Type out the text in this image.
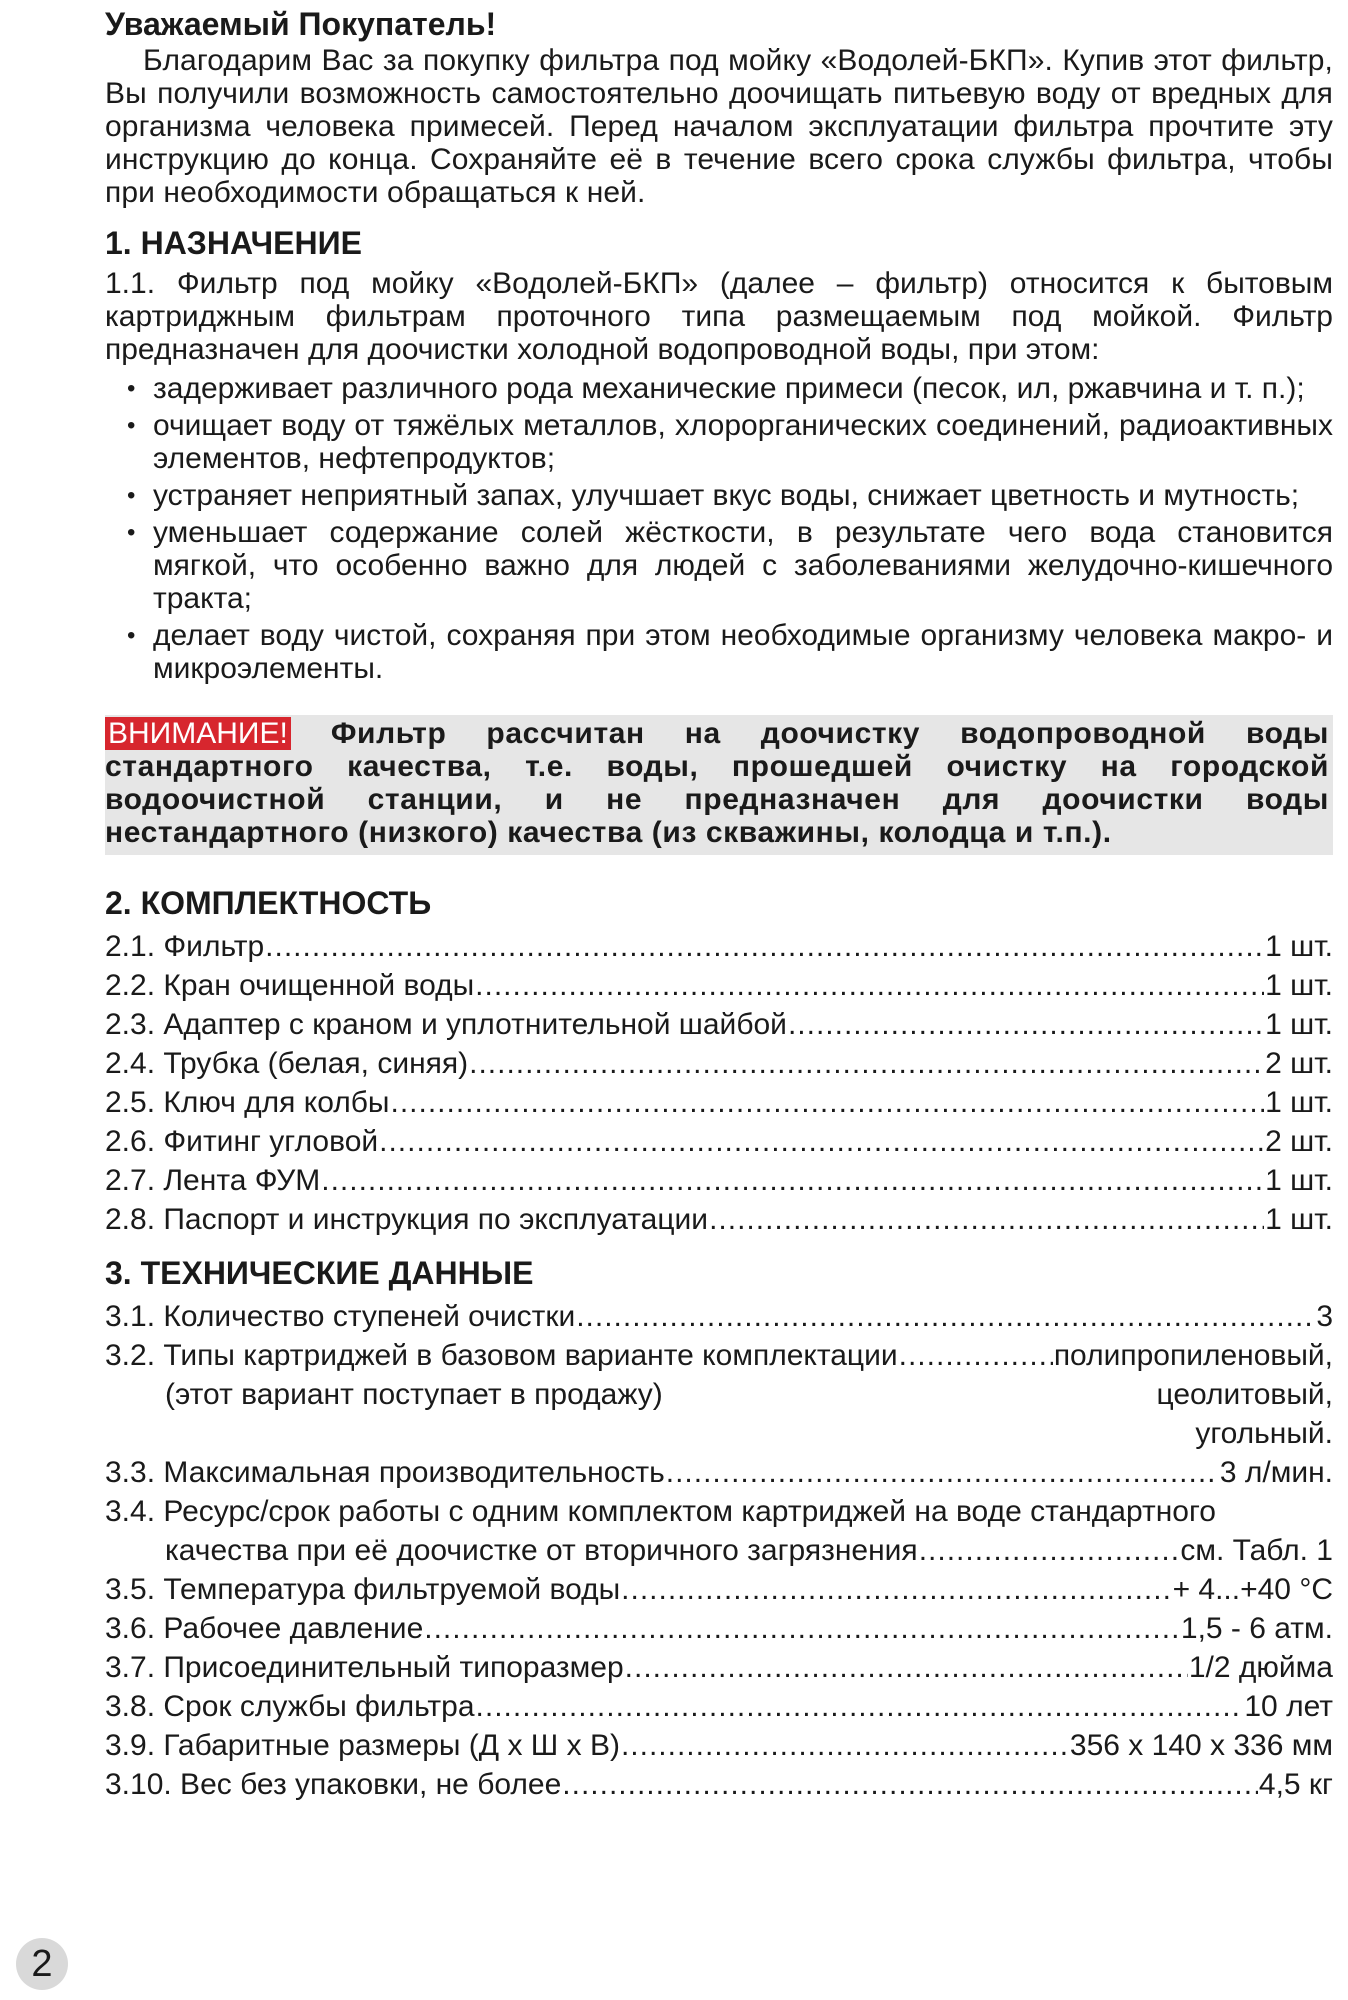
Уважаемый Покупатель!

Благодарим Вас за покупку фильтра под мойку «Водолей-БКП». Купив этот фильтр, Вы получили возможность самостоятельно доочищать питьевую воду от вредных для организма человека примесей. Перед началом эксплуатации фильтра прочтите эту инструкцию до конца. Сохраняйте её в течение всего срока службы фильтра, чтобы при необходимости обращаться к ней.

1. НАЗНАЧЕНИЕ

1.1. Фильтр под мойку «Водолей-БКП» (далее – фильтр) относится к бытовым картриджным фильтрам проточного типа размещаемым под мойкой. Фильтр предназначен для доочистки холодной водопроводной воды, при этом:

• задерживает различного рода механические примеси (песок, ил, ржавчина и т. п.);
• очищает воду от тяжёлых металлов, хлорорганических соединений, радиоактивных элементов, нефтепродуктов;
• устраняет неприятный запах, улучшает вкус воды, снижает цветность и мутность;
• уменьшает содержание солей жёсткости, в результате чего вода становится мягкой, что особенно важно для людей с заболеваниями желудочно-кишечного тракта;
• делает воду чистой, сохраняя при этом необходимые организму человека макро- и микроэлементы.
ВНИМАНИЕ! Фильтр рассчитан на доочистку водопроводной воды стандартного качества, т.е. воды, прошедшей очистку на городской водоочистной станции, и не предназначен для доочистки воды нестандартного (низкого) качества (из скважины, колодца и т.п.).
2. КОМПЛЕКТНОСТЬ
2.1. Фильтр .....	1 шт.
2.2. Кран очищенной воды .....	1 шт.
2.3. Адаптер с краном и уплотнительной шайбой .....	1 шт.
2.4. Трубка (белая, синяя) .....	2 шт.
2.5. Ключ для колбы .....	1 шт.
2.6. Фитинг угловой .....	2 шт.
2.7. Лента ФУМ .....	1 шт.
2.8. Паспорт и инструкция по эксплуатации .....	1 шт.
3. ТЕХНИЧЕСКИЕ ДАННЫЕ
3.1. Количество ступеней очистки .....	3
3.2. Типы картриджей в базовом варианте комплектации .....	полипропиленовый,
(этот вариант поступает в продажу)	цеолитовый,
угольный.
3.3. Максимальная производительность .....	3 л/мин.
3.4. Ресурс/срок работы с одним комплектом картриджей на воде стандартного
качества при её доочистке от вторичного загрязнения .....	см. Табл. 1
3.5. Температура фильтруемой воды .....	+ 4...+40 °С
3.6. Рабочее давление .....	1,5 - 6 атм.
3.7. Присоединительный типоразмер .....	1/2 дюйма
3.8. Срок службы фильтра .....	10 лет
3.9. Габаритные размеры (Д х Ш х В) .....	356 х 140 х 336 мм
3.10. Вес без упаковки, не более .....	4,5 кг
2
